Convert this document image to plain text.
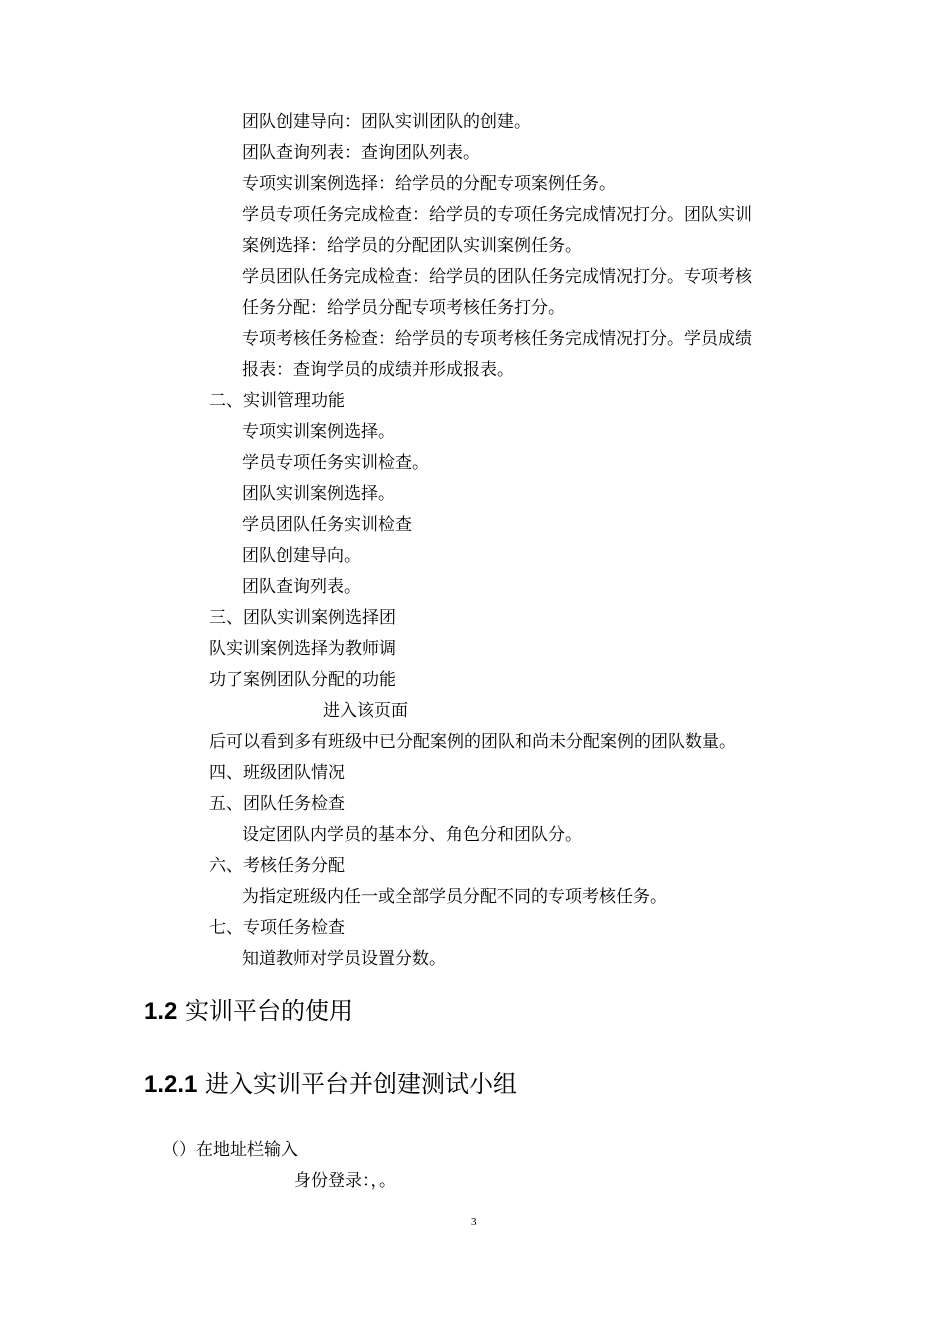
团队创建导向：团队实训团队的创建。
团队查询列表：查询团队列表。
专项实训案例选择：给学员的分配专项案例任务。
学员专项任务完成检查：给学员的专项任务完成情况打分。团队实训
案例选择：给学员的分配团队实训案例任务。
学员团队任务完成检查：给学员的团队任务完成情况打分。专项考核
任务分配：给学员分配专项考核任务打分。
专项考核任务检查：给学员的专项考核任务完成情况打分。学员成绩
报表：查询学员的成绩并形成报表。
二、实训管理功能
专项实训案例选择。
学员专项任务实训检查。
团队实训案例选择。
学员团队任务实训检查
团队创建导向。
团队查询列表。
三、团队实训案例选择团
队实训案例选择为教师调
功了案例团队分配的功能
进入该页面
后可以看到多有班级中已分配案例的团队和尚未分配案例的团队数量。
四、班级团队情况
五、团队任务检查
设定团队内学员的基本分、角色分和团队分。
六、考核任务分配
为指定班级内任一或全部学员分配不同的专项考核任务。
七、专项任务检查
知道教师对学员设置分数。
1.2 实训平台的使用
1.2.1 进入实训平台并创建测试小组
（）在地址栏输入
身份登录：，。
3
